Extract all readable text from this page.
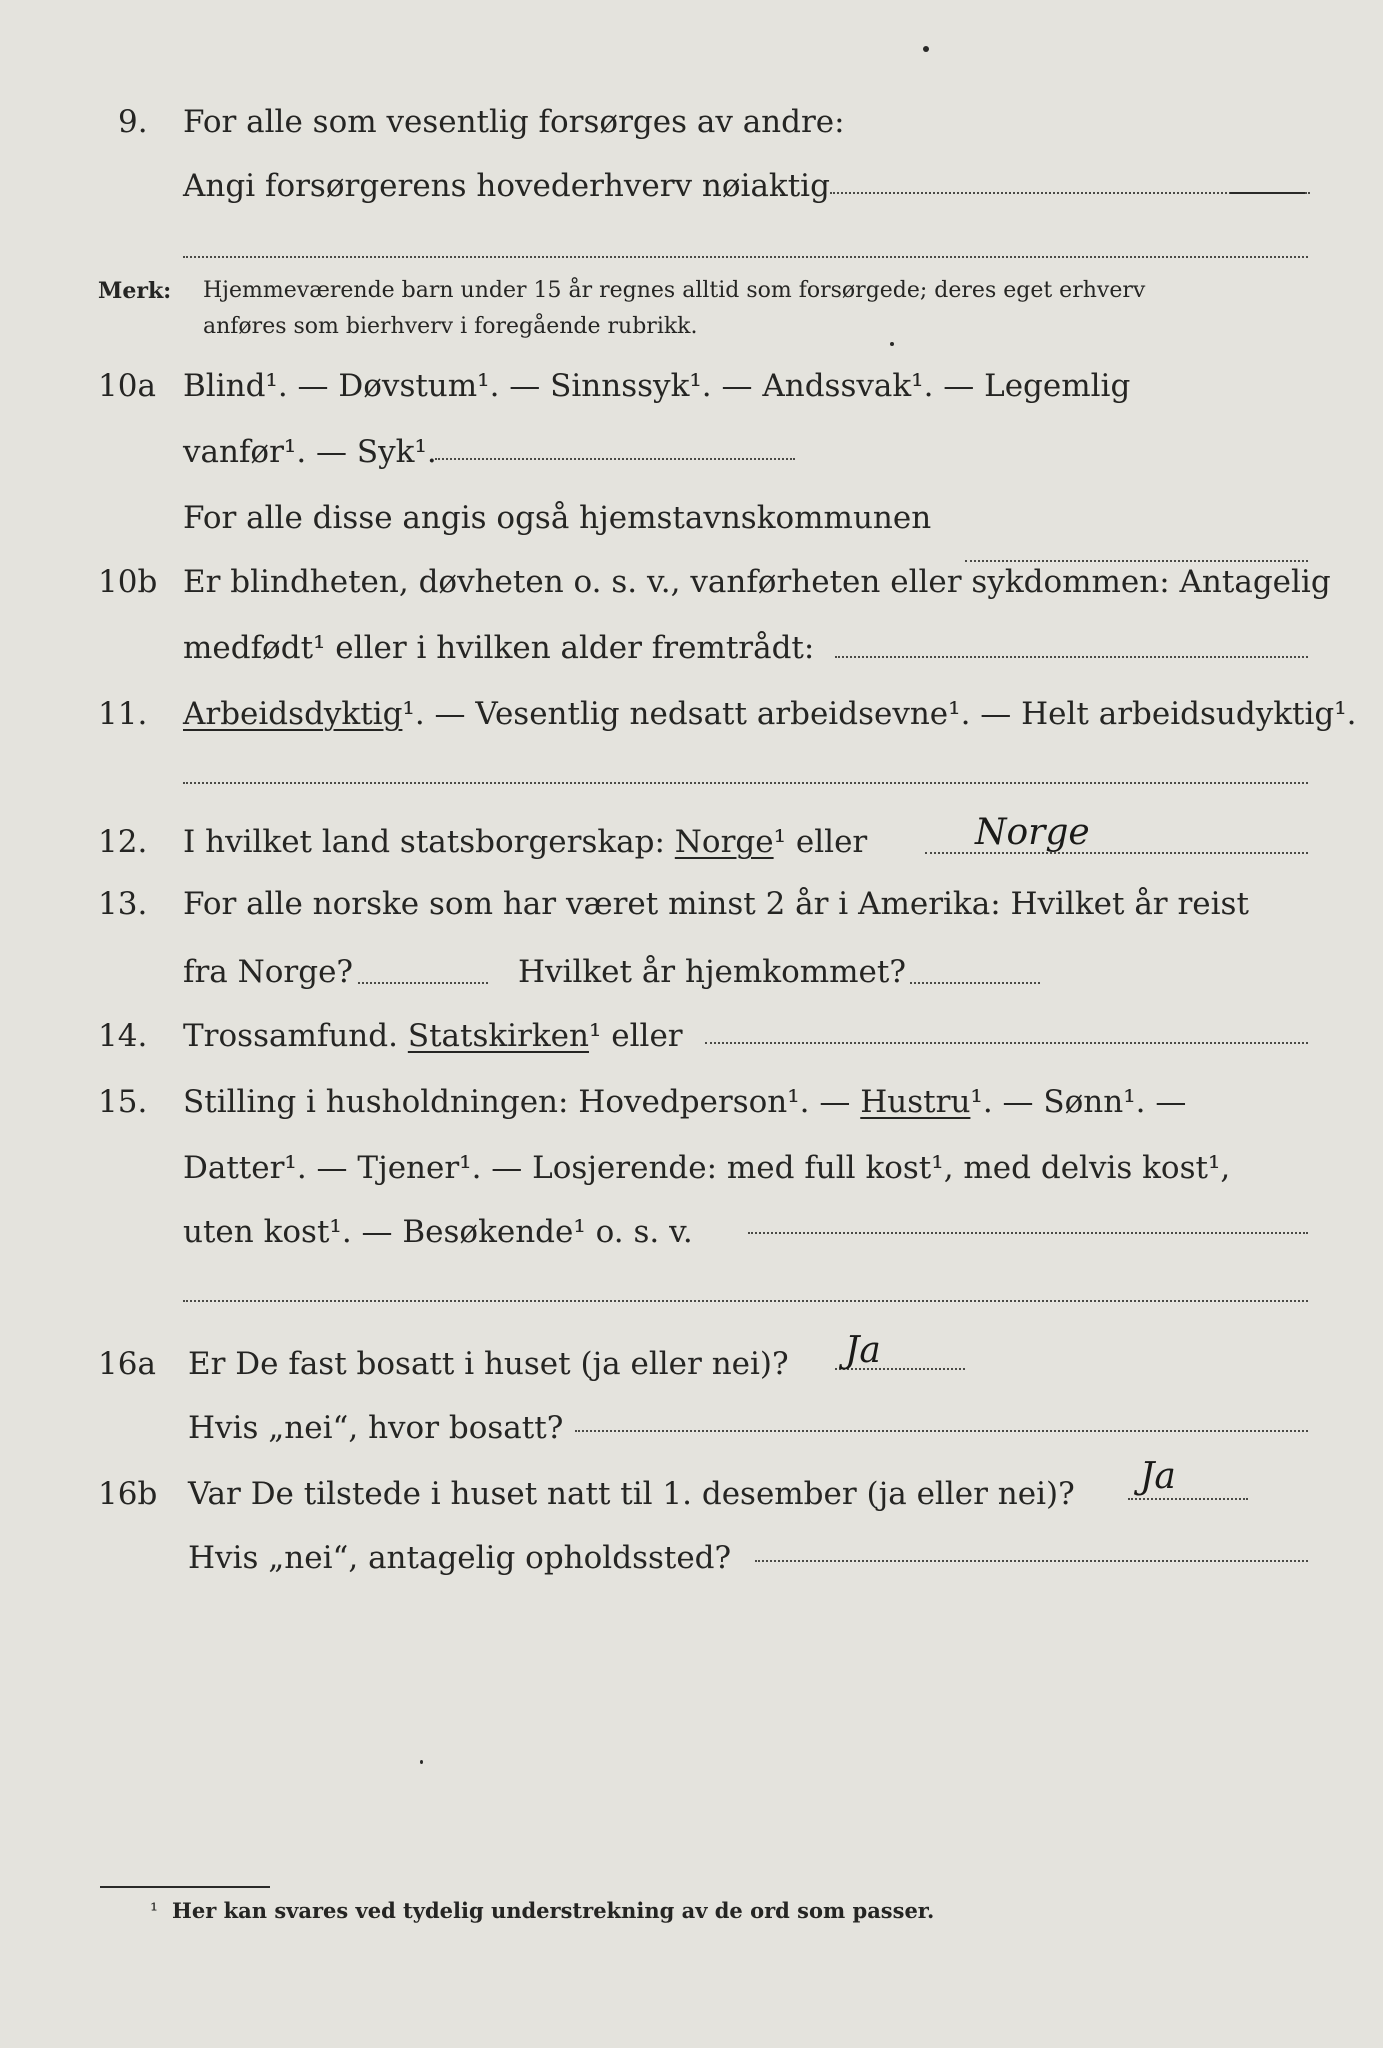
9. For alle som vesentlig forsørges av andre:
Angi forsørgerens hovederhverv nøiaktig
Merk: Hjemmeværende barn under 15 år regnes alltid som forsørgede; deres eget erhverv
anføres som bierhverv i foregående rubrikk.
10a Blind¹. — Døvstum¹. — Sinnssyk¹. — Andssvak¹. — Legemlig
vanfør¹. — Syk¹.
For alle disse angis også hjemstavnskommunen
10b Er blindheten, døvheten o. s. v., vanførheten eller sykdommen: Antagelig
medfødt¹ eller i hvilken alder fremtrådt:
11. Arbeidsdyktig¹. — Vesentlig nedsatt arbeidsevne¹. — Helt arbeidsudyktig¹.
12. I hvilket land statsborgerskap: Norge¹ eller	Norge
13. For alle norske som har været minst 2 år i Amerika: Hvilket år reist
fra Norge?	Hvilket år hjemkommet?
14. Trossamfund. Statskirken¹ eller
15. Stilling i husholdningen: Hovedperson¹. — Hustru¹. — Sønn¹. —
Datter¹. — Tjener¹. — Losjerende: med full kost¹, med delvis kost¹,
uten kost¹. — Besøkende¹ o. s. v.
16a Er De fast bosatt i huset (ja eller nei)? Ja
Hvis „nei“, hvor bosatt?
16b Var De tilstede i huset natt til 1. desember (ja eller nei)? Ja
Hvis „nei“, antagelig opholdssted?
¹ Her kan svares ved tydelig understrekning av de ord som passer.
